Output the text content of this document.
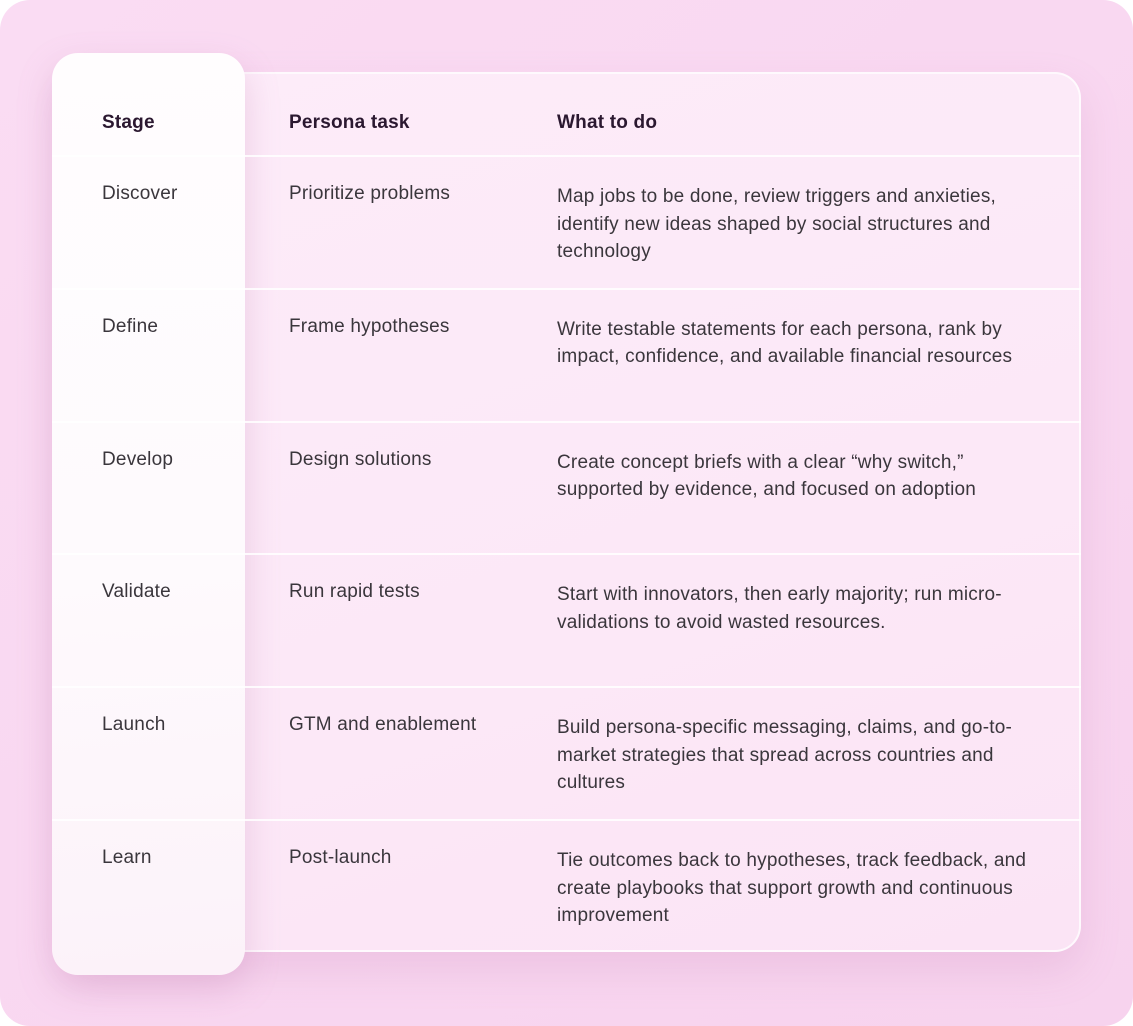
Stage	Persona task	What to do
Discover	Prioritize problems	Map jobs to be done, review triggers and anxieties, identify new ideas shaped by social structures and technology
Define	Frame hypotheses	Write testable statements for each persona, rank by impact, confidence, and available financial resources
Develop	Design solutions	Create concept briefs with a clear “why switch,” supported by evidence, and focused on adoption
Validate	Run rapid tests	Start with innovators, then early majority; run micro-validations to avoid wasted resources.
Launch	GTM and enablement	Build persona-specific messaging, claims, and go-to-market strategies that spread across countries and cultures
Learn	Post-launch	Tie outcomes back to hypotheses, track feedback, and create playbooks that support growth and continuous improvement
